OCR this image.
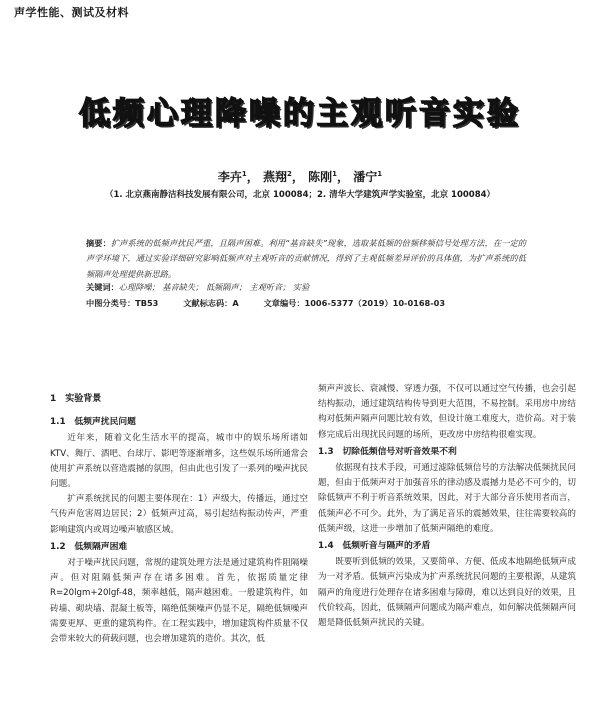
声学性能、测试及材料
低频心理降噪的主观听音实验
李卉$^1$， 燕翔$^2$， 陈刚$^1$， 潘宁$^1$
（1. 北京燕南静洁科技发展有限公司，北京 100084；2. 清华大学建筑声学实验室，北京 100084）
摘要：扩声系统的低频声扰民严重，且隔声困难。利用“基音缺失”现象，选取某低频的倍频移频信号处理方法，在一定的声学环境下，通过实验详细研究影响低频声对主观听音的贡献情况，得到了主观低频差异评价的具体值，为扩声系统的低频隔声处理提供新思路。
关键词：心理降噪； 基音缺失； 低频隔声； 主观听音； 实验
中图分类号：TB53	文献标志码：A	文章编号：1006-5377（2019）10-0168-03
1　实验背景
1.1　低频声扰民问题

近年来，随着文化生活水平的提高，城市中的娱乐场所诸如KTV、舞厅、酒吧、台球厅、影吧等逐渐增多，这些娱乐场所通常会使用扩声系统以营造震撼的氛围，但由此也引发了一系列的噪声扰民问题。

扩声系统扰民的问题主要体现在：1）声级大，传播远，通过空气传声危害周边居民；2）低频声过高，易引起结构振动传声，严重影响建筑内或周边噪声敏感区域。

1.2　低频隔声困难

对于噪声扰民问题，常规的建筑处理方法是通过建筑构件阻隔噪声。但对阻隔低频声存在诸多困难。首先，依据质量定律R=20lgm+20lgf-48，频率越低，隔声越困难。一般建筑构件，如砖墙、砌块墙、混凝土板等，隔绝低频噪声仍显不足，隔绝低频噪声需要更厚、更重的建筑构件。在工程实践中，增加建筑构件质量不仅会带来较大的荷载问题，也会增加建筑的造价。其次，低

频声声波长、衰减慢、穿透力强，不仅可以通过空气传播，也会引起结构振动，通过建筑结构传导到更大范围，不易控制。采用房中房结构对低频声隔声问题比较有效，但设计施工难度大，造价高。对于装修完成后出现扰民问题的场所，更改房中房结构很难实现。

1.3　切除低频信号对听音效果不利

依据现有技术手段，可通过滤除低频信号的方法解决低频扰民问题，但由于低频声对于加强音乐的律动感及震撼力是必不可少的，切除低频声不利于听音系统效果，因此，对于大部分音乐使用者而言，低频声必不可少。此外，为了满足音乐的震撼效果，往往需要较高的低频声级，这进一步增加了低频声隔绝的难度。

1.4　低频听音与隔声的矛盾

既要听到低频的效果，又要简单、方便、低成本地隔绝低频声成为一对矛盾。低频声污染成为扩声系统扰民问题的主要根源，从建筑隔声的角度进行处理存在诸多困难与障碍，难以达到良好的效果，且代价较高，因此，低频隔声问题成为隔声难点，如何解决低频隔声问题是降低低频声扰民的关键。
